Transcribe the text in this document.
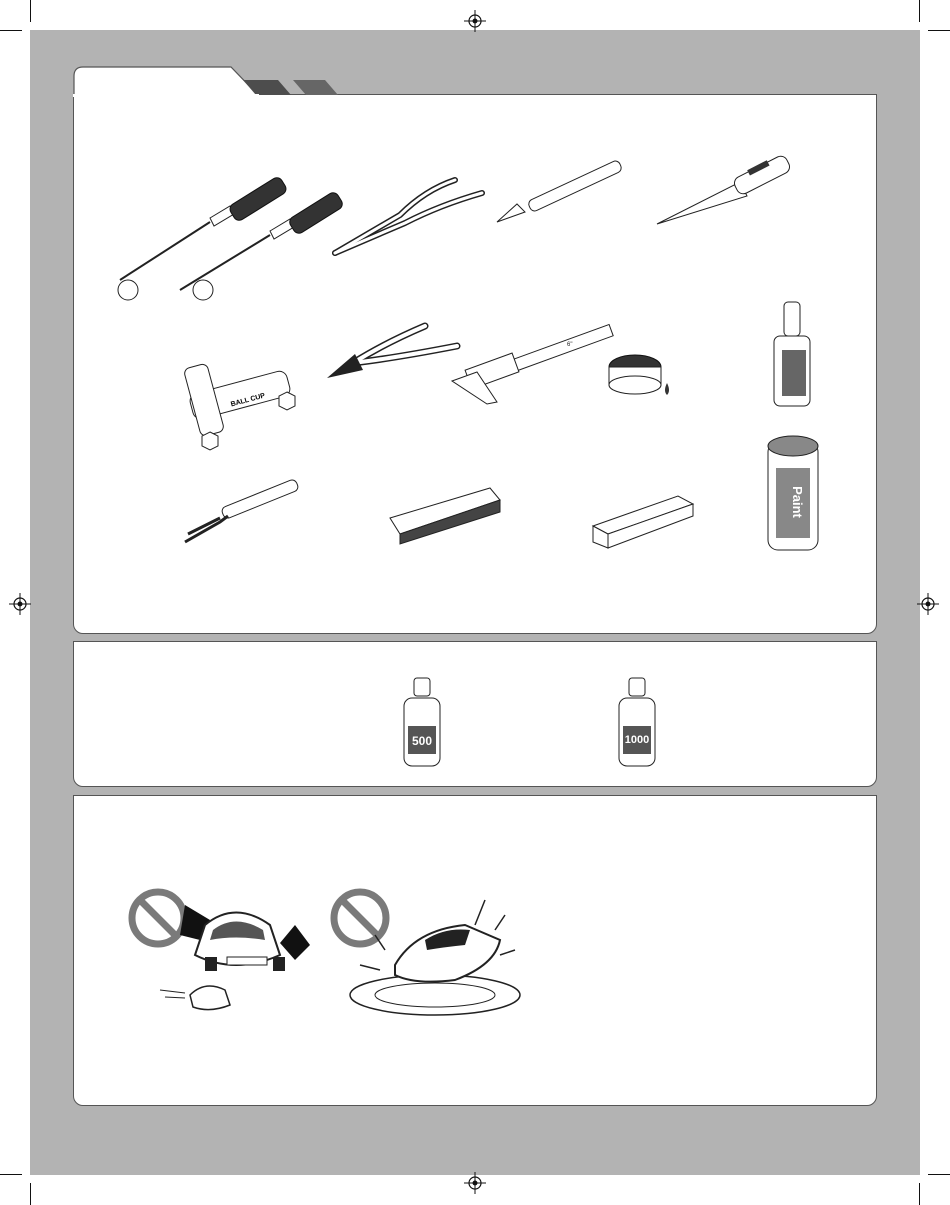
BALL CUP
6"
Paint
500	1000
